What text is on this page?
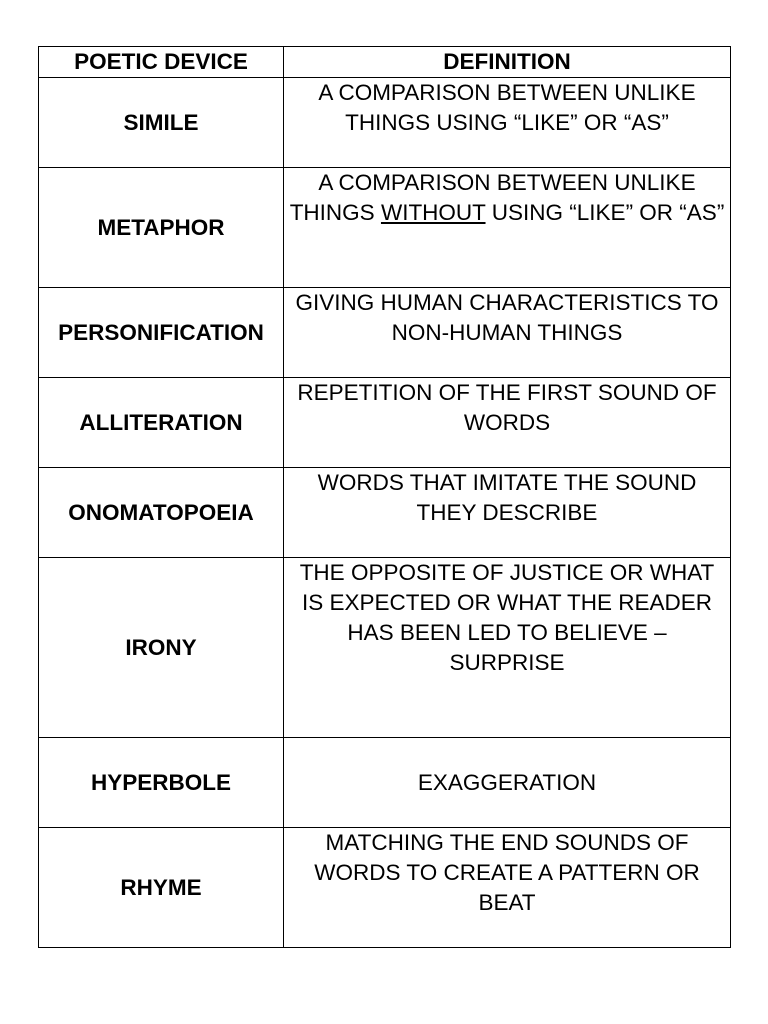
POETIC DEVICE	DEFINITION
SIMILE	A COMPARISON BETWEEN UNLIKE THINGS USING “LIKE” OR “AS”
METAPHOR	A COMPARISON BETWEEN UNLIKE THINGS WITHOUT USING “LIKE” OR “AS”
PERSONIFICATION	GIVING HUMAN CHARACTERISTICS TO NON-HUMAN THINGS
ALLITERATION	REPETITION OF THE FIRST SOUND OF WORDS
ONOMATOPOEIA	WORDS THAT IMITATE THE SOUND THEY DESCRIBE
IRONY	THE OPPOSITE OF JUSTICE OR WHAT IS EXPECTED OR WHAT THE READER HAS BEEN LED TO BELIEVE – SURPRISE
HYPERBOLE	EXAGGERATION
RHYME	MATCHING THE END SOUNDS OF WORDS TO CREATE A PATTERN OR BEAT
